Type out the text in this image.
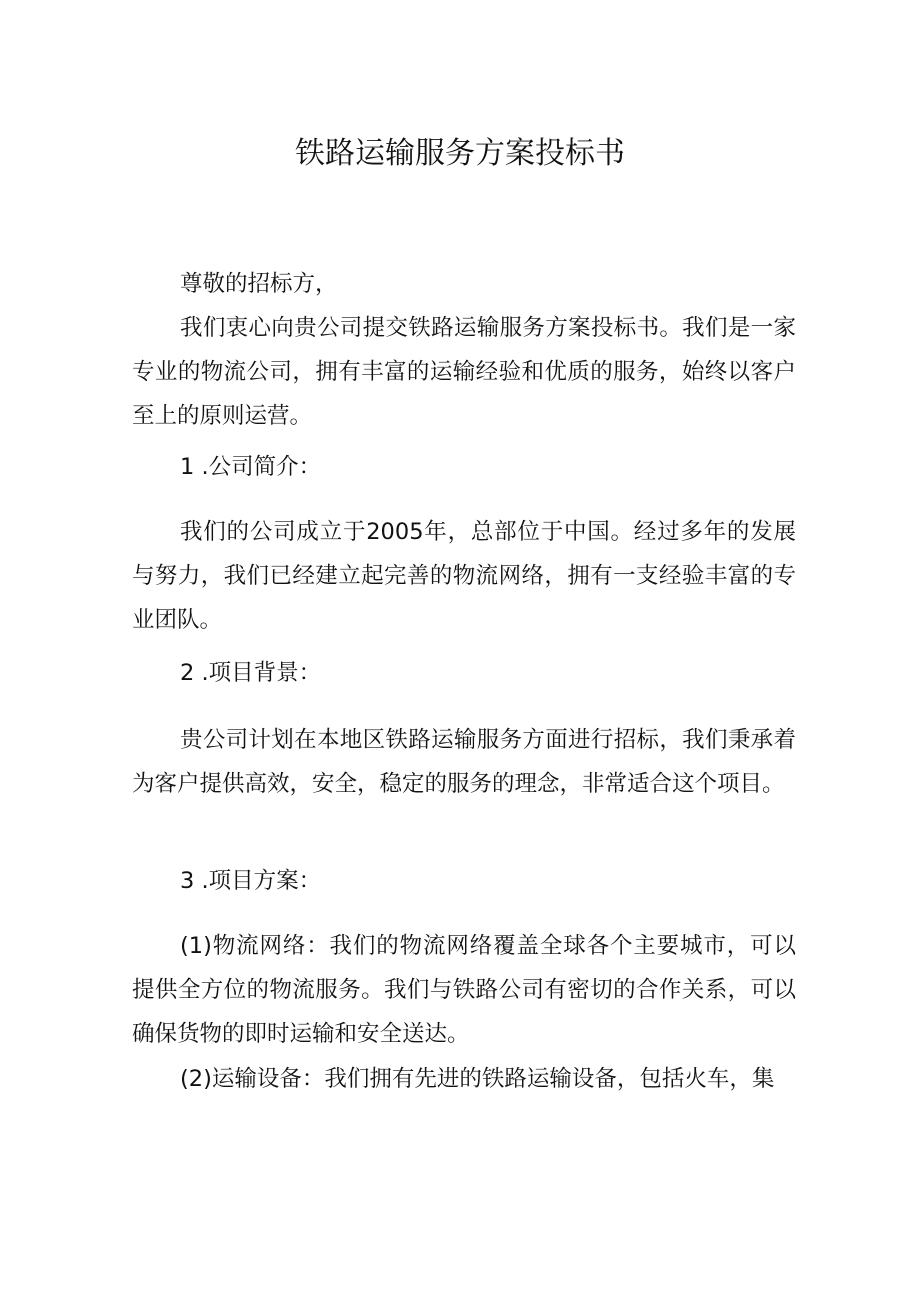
铁路运输服务方案投标书

尊敬的招标方，

我们衷心向贵公司提交铁路运输服务方案投标书。我们是一家专业的物流公司，拥有丰富的运输经验和优质的服务，始终以客户至上的原则运营。

1 .公司简介：

我们的公司成立于2005年，总部位于中国。经过多年的发展与努力，我们已经建立起完善的物流网络，拥有一支经验丰富的专业团队。

2 .项目背景：

贵公司计划在本地区铁路运输服务方面进行招标，我们秉承着为客户提供高效，安全，稳定的服务的理念，非常适合这个项目。

3 .项目方案：

(1)物流网络：我们的物流网络覆盖全球各个主要城市，可以提供全方位的物流服务。我们与铁路公司有密切的合作关系，可以确保货物的即时运输和安全送达。

(2)运输设备：我们拥有先进的铁路运输设备，包括火车，集
